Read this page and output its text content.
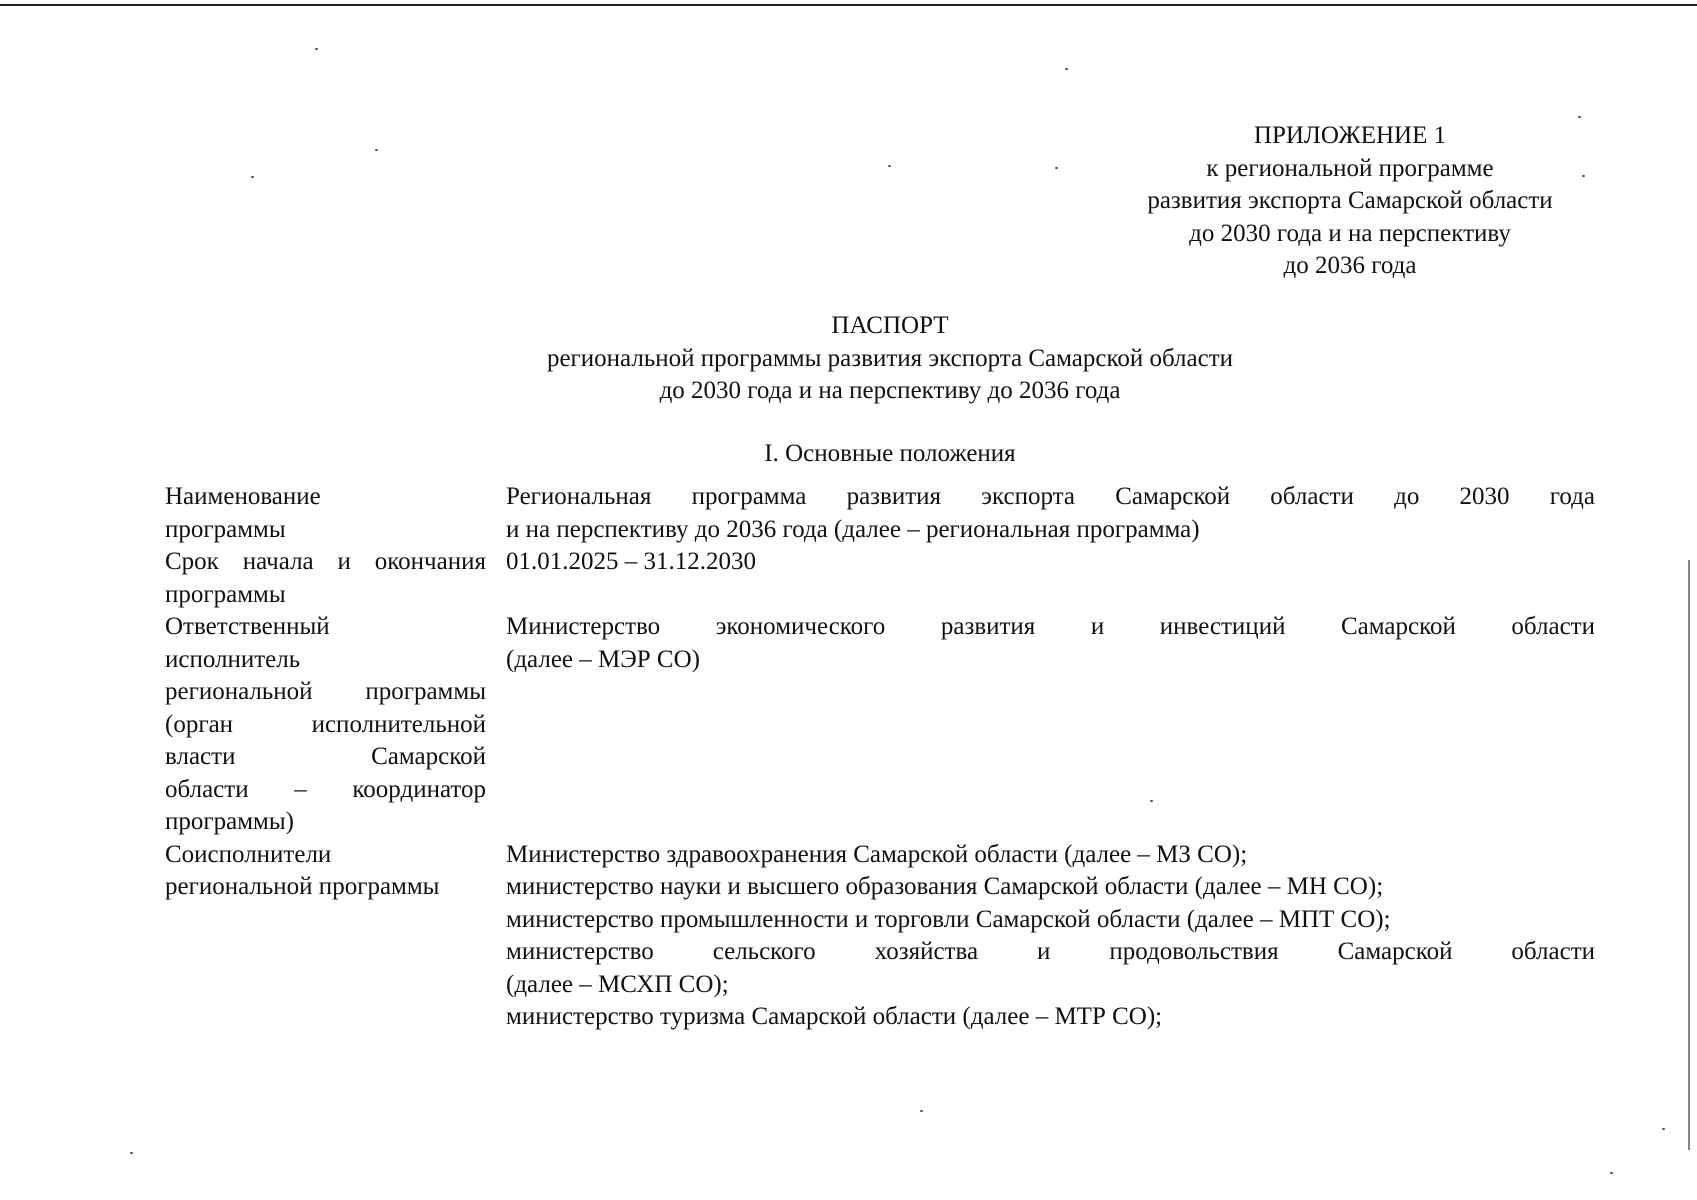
ПРИЛОЖЕНИЕ 1
к региональной программе
развития экспорта Самарской области
до 2030 года и на перспективу
до 2036 года
ПАСПОРТ
региональной программы развития экспорта Самарской области
до 2030 года и на перспективу до 2036 года
I. Основные положения
Наименование
программы
Региональная программа развития экспорта Самарской области до 2030 года
и на перспективу до 2036 года (далее – региональная программа)
Срок начала и окончания
программы
01.01.2025 – 31.12.2030
Ответственный
исполнитель
региональной программы
(орган исполнительной
власти Самарской
области – координатор
программы)
Министерство экономического развития и инвестиций Самарской области
(далее – МЭР СО)
Соисполнители
региональной программы
Министерство здравоохранения Самарской области (далее – МЗ СО);
министерство науки и высшего образования Самарской области (далее – МН СО);
министерство промышленности и торговли Самарской области (далее – МПТ СО);
министерство сельского хозяйства и продовольствия Самарской области
(далее – МСХП СО);
министерство туризма Самарской области (далее – МТР СО);
